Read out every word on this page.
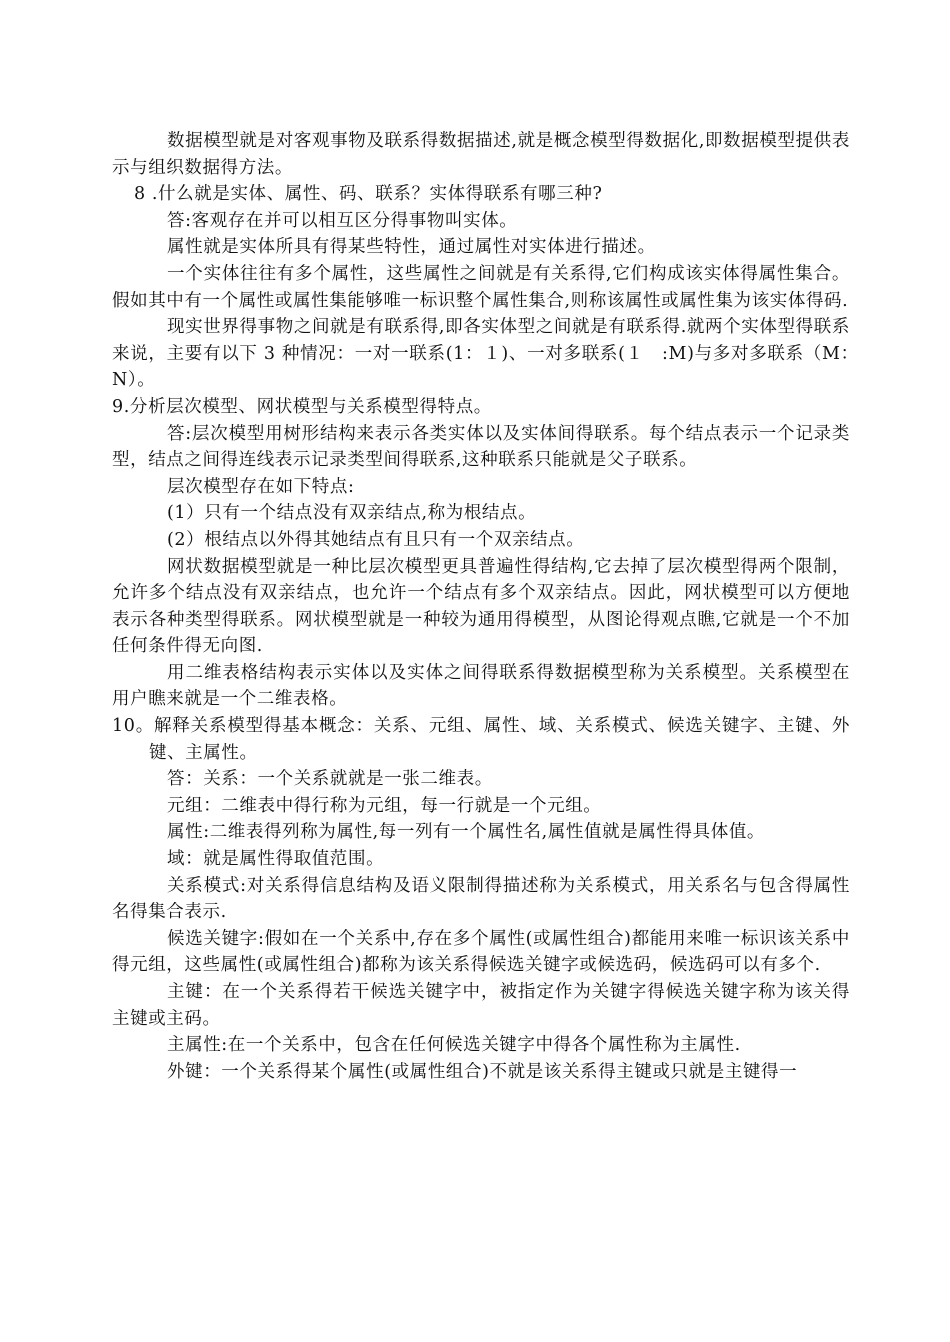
数据模型就是对客观事物及联系得数据描述,就是概念模型得数据化,即数据模型提供表示与组织数据得方法。

8 .什么就是实体、属性、码、联系？实体得联系有哪三种?

答:客观存在并可以相互区分得事物叫实体。

属性就是实体所具有得某些特性，通过属性对实体进行描述。

一个实体往往有多个属性，这些属性之间就是有关系得,它们构成该实体得属性集合。假如其中有一个属性或属性集能够唯一标识整个属性集合,则称该属性或属性集为该实体得码.

现实世界得事物之间就是有联系得,即各实体型之间就是有联系得.就两个实体型得联系来说，主要有以下 3 种情况：一对一联系(1：１)、一对多联系(１　:M)与多对多联系（M：　N）。

9.分析层次模型、网状模型与关系模型得特点。

答:层次模型用树形结构来表示各类实体以及实体间得联系。每个结点表示一个记录类型，结点之间得连线表示记录类型间得联系,这种联系只能就是父子联系。

层次模型存在如下特点:

(1）只有一个结点没有双亲结点,称为根结点。

(2）根结点以外得其她结点有且只有一个双亲结点。

网状数据模型就是一种比层次模型更具普遍性得结构,它去掉了层次模型得两个限制，允许多个结点没有双亲结点，也允许一个结点有多个双亲结点。因此，网状模型可以方便地表示各种类型得联系。网状模型就是一种较为通用得模型，从图论得观点瞧,它就是一个不加任何条件得无向图.

用二维表格结构表示实体以及实体之间得联系得数据模型称为关系模型。关系模型在用户瞧来就是一个二维表格。

10。解释关系模型得基本概念：关系、元组、属性、域、关系模式、候选关键字、主键、外键、主属性。

答：关系：一个关系就就是一张二维表。

元组：二维表中得行称为元组，每一行就是一个元组。

属性:二维表得列称为属性,每一列有一个属性名,属性值就是属性得具体值。

域：就是属性得取值范围。

关系模式:对关系得信息结构及语义限制得描述称为关系模式，用关系名与包含得属性名得集合表示.

候选关键字:假如在一个关系中,存在多个属性(或属性组合)都能用来唯一标识该关系中得元组，这些属性(或属性组合)都称为该关系得候选关键字或候选码，候选码可以有多个.

主键：在一个关系得若干候选关键字中，被指定作为关键字得候选关键字称为该关得主键或主码。

主属性:在一个关系中，包含在任何候选关键字中得各个属性称为主属性.

外键：一个关系得某个属性(或属性组合)不就是该关系得主键或只就是主键得一
